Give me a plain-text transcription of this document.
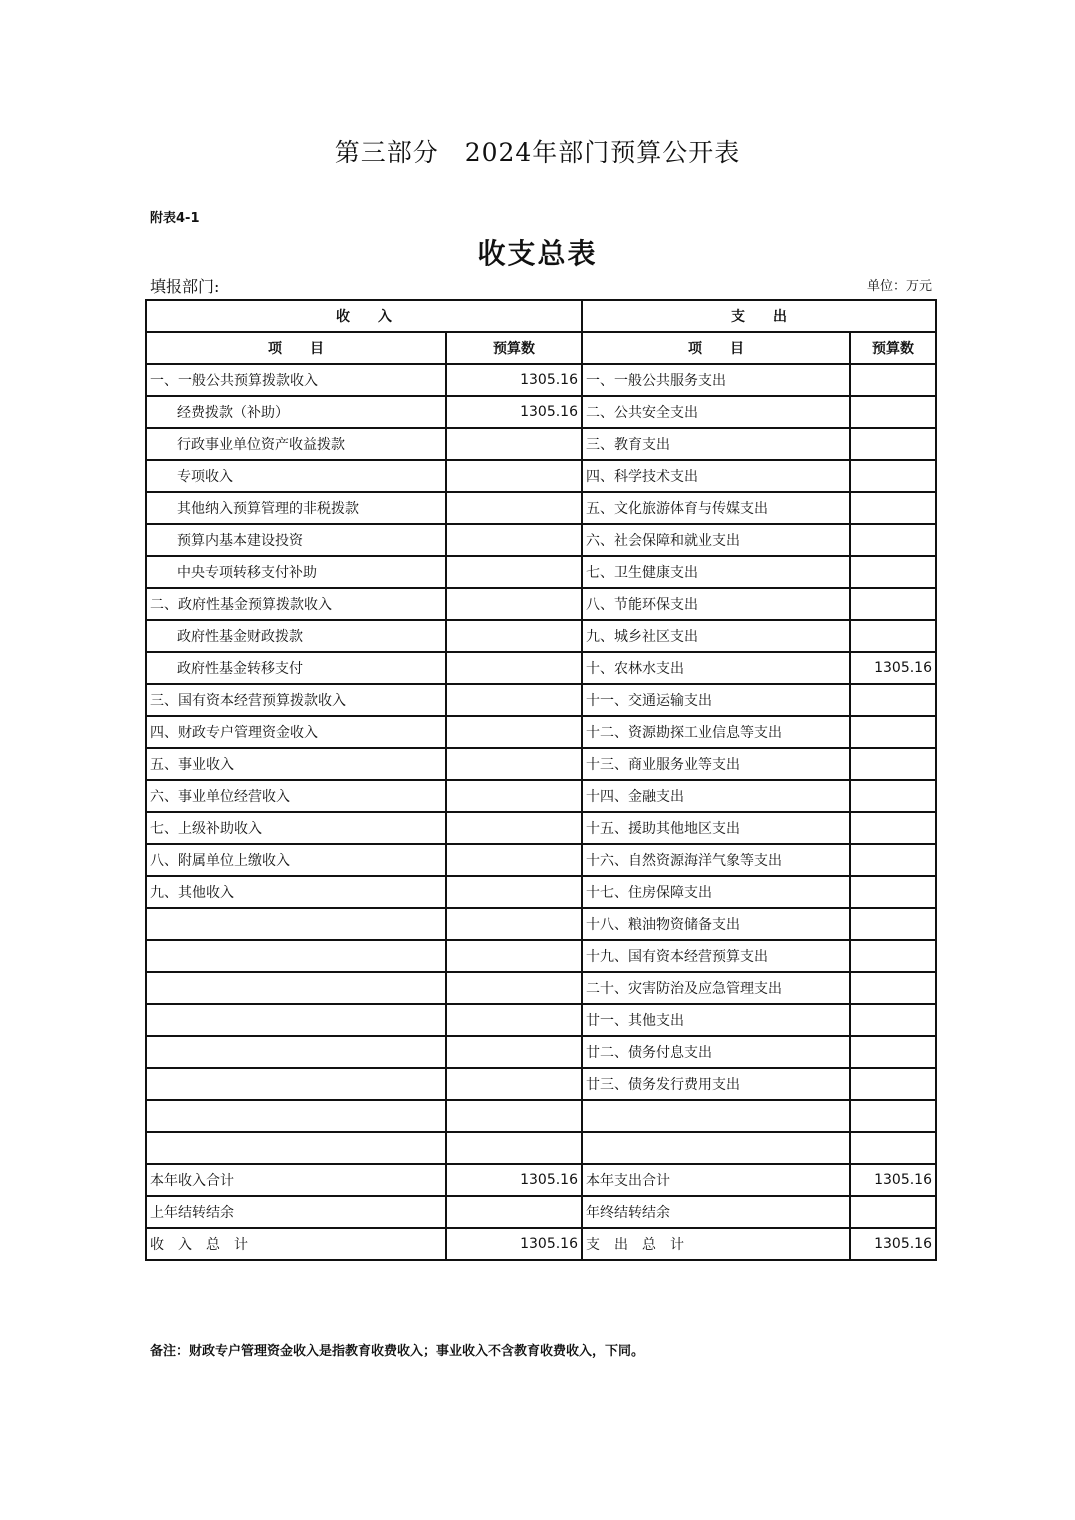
第三部分　2024年部门预算公开表
附表4-1
收支总表
填报部门:	单位：万元
收　　入		支　　出	
项　　目	预算数	项　　目	预算数
一、一般公共预算拨款收入	1305.16	一、一般公共服务支出	
经费拨款（补助）	1305.16	二、公共安全支出	
行政事业单位资产收益拨款		三、教育支出	
专项收入		四、科学技术支出	
其他纳入预算管理的非税拨款		五、文化旅游体育与传媒支出	
预算内基本建设投资		六、社会保障和就业支出	
中央专项转移支付补助		七、卫生健康支出	
二、政府性基金预算拨款收入		八、节能环保支出	
政府性基金财政拨款		九、城乡社区支出	
政府性基金转移支付		十、农林水支出	1305.16
三、国有资本经营预算拨款收入		十一、交通运输支出	
四、财政专户管理资金收入		十二、资源勘探工业信息等支出	
五、事业收入		十三、商业服务业等支出	
六、事业单位经营收入		十四、金融支出	
七、上级补助收入		十五、援助其他地区支出	
八、附属单位上缴收入		十六、自然资源海洋气象等支出	
九、其他收入		十七、住房保障支出	
		十八、粮油物资储备支出	
		十九、国有资本经营预算支出	
		二十、灾害防治及应急管理支出	
		廿一、其他支出	
		廿二、债务付息支出	
		廿三、债务发行费用支出	

本年收入合计	1305.16	本年支出合计	1305.16
上年结转结余		年终结转结余	
收　入　总　计	1305.16	支　出　总　计	1305.16
备注：财政专户管理资金收入是指教育收费收入；事业收入不含教育收费收入，下同。
